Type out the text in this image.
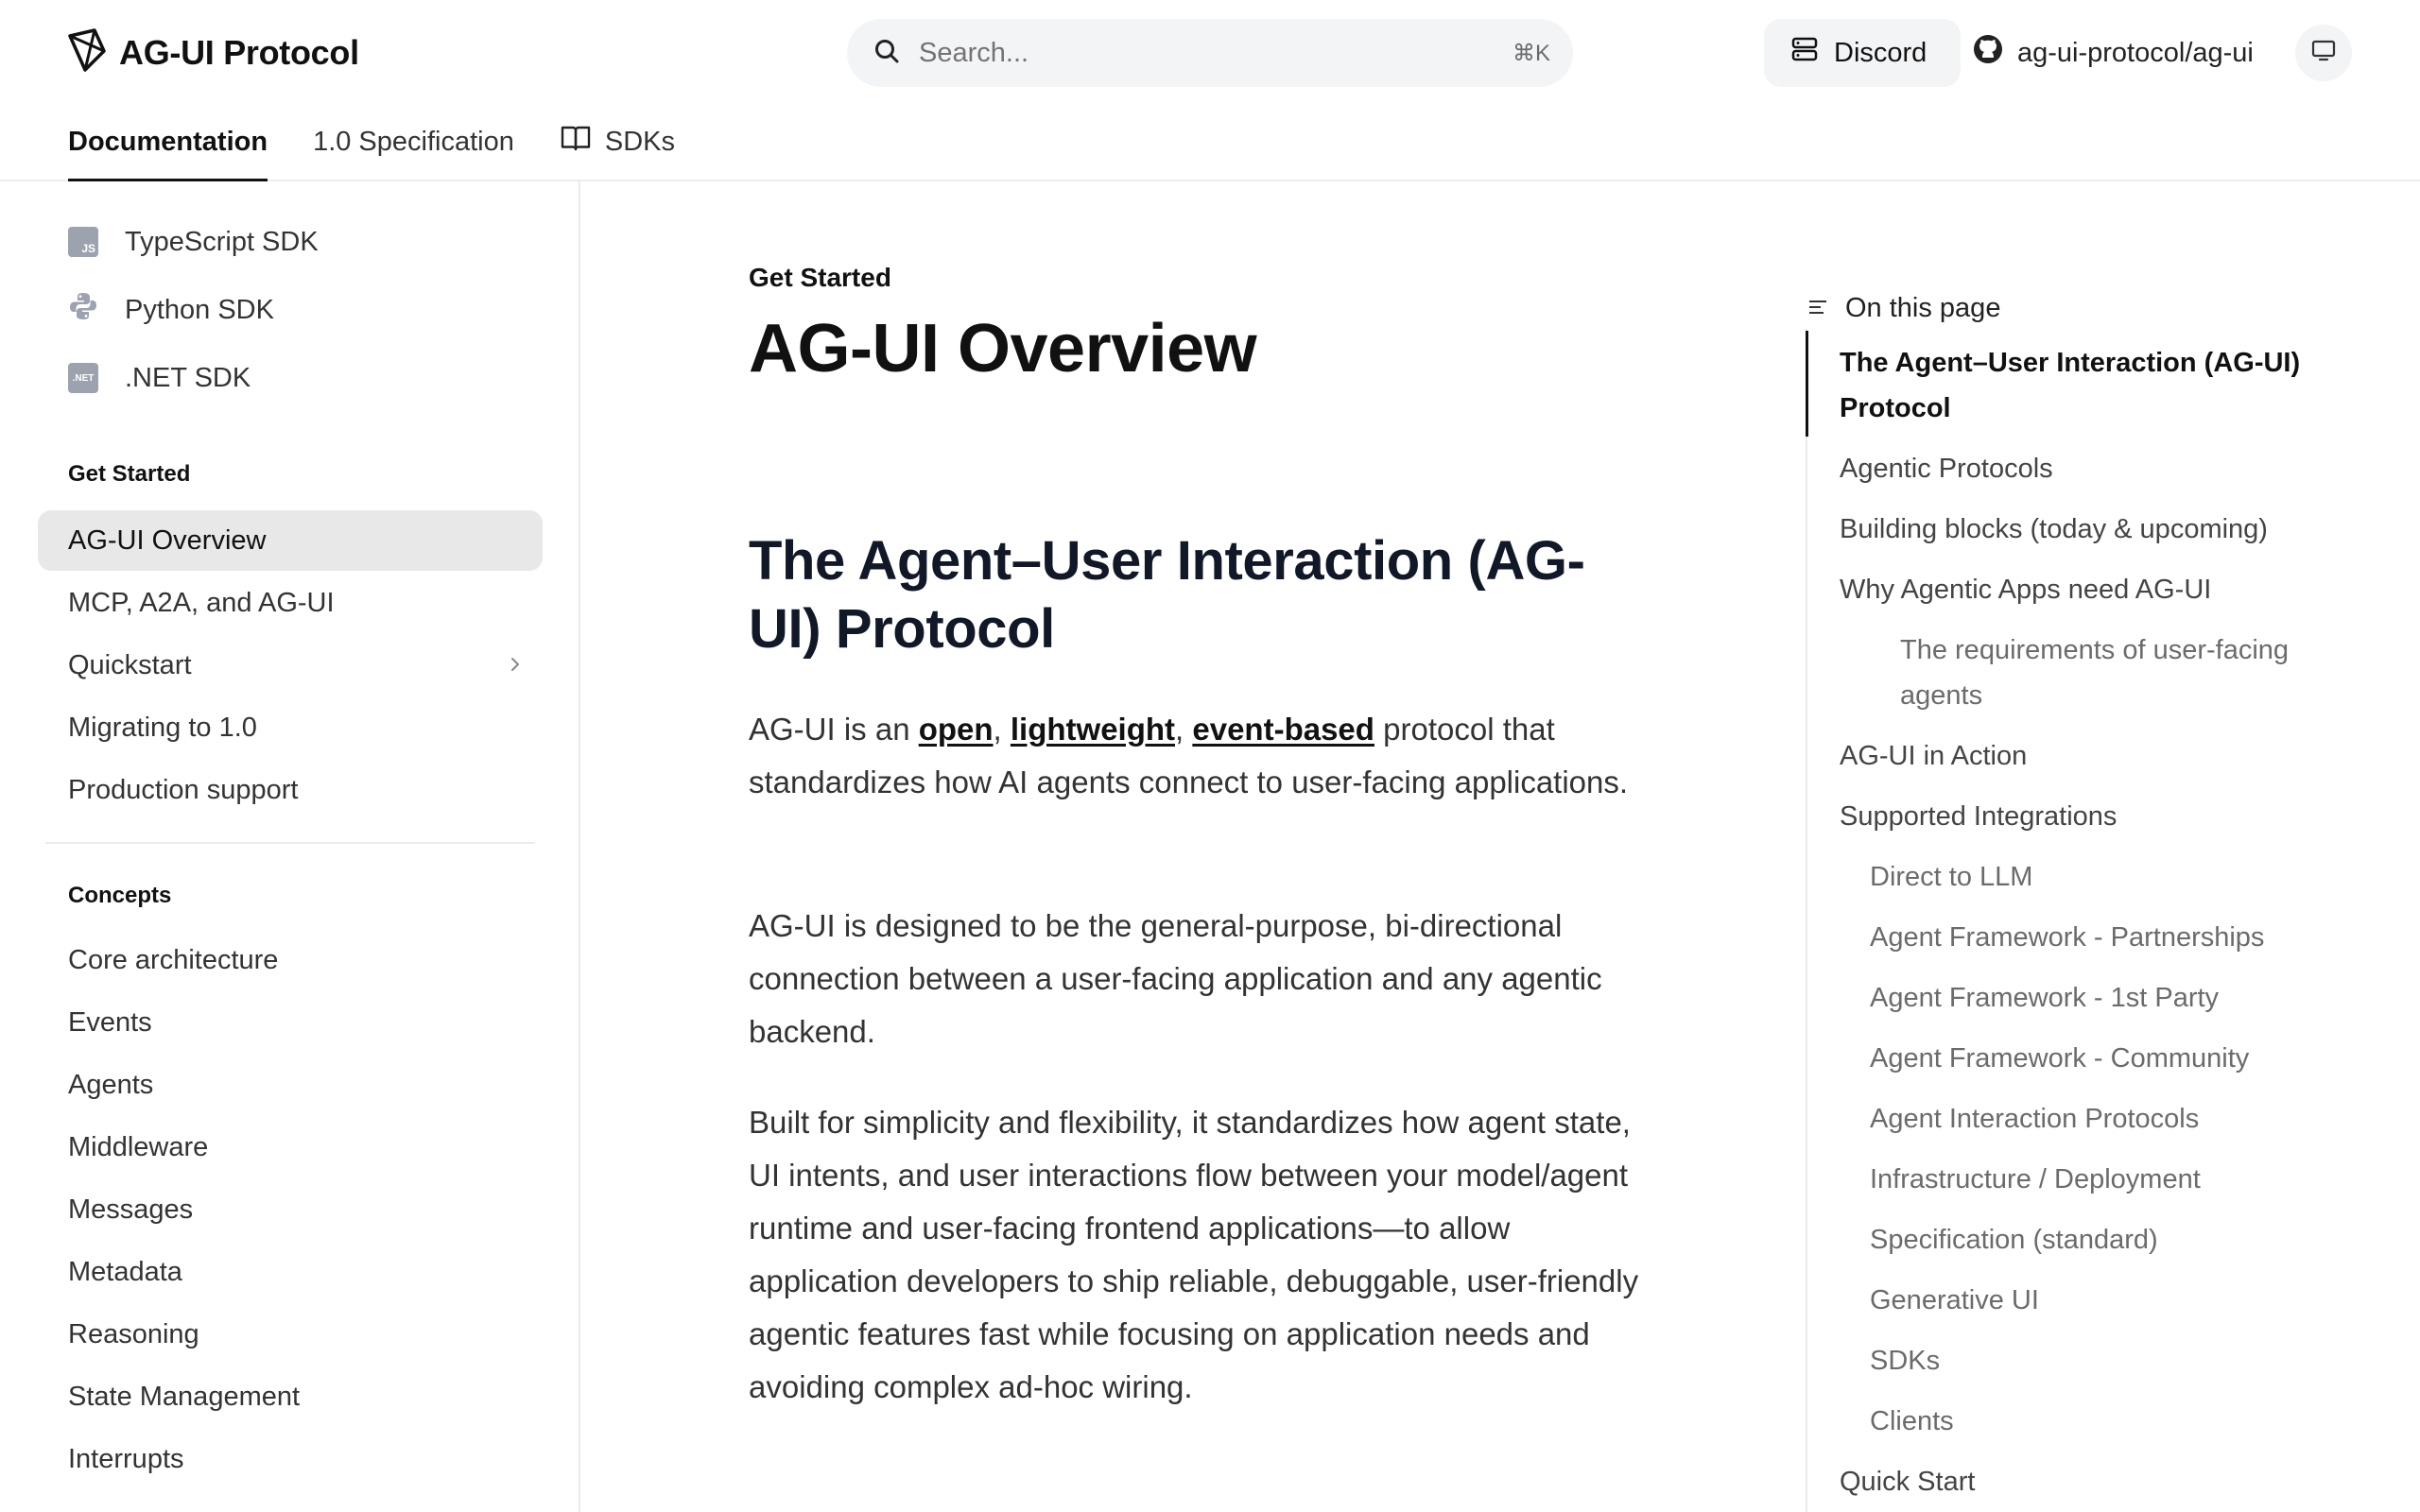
AG-UI Protocol	Search...	⌘K	Discord	ag-ui-protocol/ag-ui
Documentation 1.0 Specification	SDKs
JS TypeScript SDK
Python SDK
.NET .NET SDK
Get Started
AG-UI Overview
MCP, A2A, and AG-UI
Quickstart
Migrating to 1.0
Production support
Concepts
Core architecture
Events
Agents
Middleware
Messages
Metadata
Reasoning
State Management
Interrupts
Get Started
AG-UI Overview
The Agent–User Interaction (AG-UI) Protocol

AG-UI is an open, lightweight, event-based protocol that standardizes how AI agents connect to user-facing applications.

AG-UI is designed to be the general-purpose, bi-directional connection between a user-facing application and any agentic backend.

Built for simplicity and flexibility, it standardizes how agent state, UI intents, and user interactions flow between your model/agent runtime and user-facing frontend applications—to allow application developers to ship reliable, debuggable, user-friendly agentic features fast while focusing on application needs and avoiding complex ad-hoc wiring.

On this page
The Agent–User Interaction (AG-UI) Protocol
Agentic Protocols
Building blocks (today & upcoming)
Why Agentic Apps need AG-UI
The requirements of user-facing agents
AG-UI in Action
Supported Integrations
Direct to LLM
Agent Framework - Partnerships
Agent Framework - 1st Party
Agent Framework - Community
Agent Interaction Protocols
Infrastructure / Deployment
Specification (standard)
Generative UI
SDKs
Clients
Quick Start
